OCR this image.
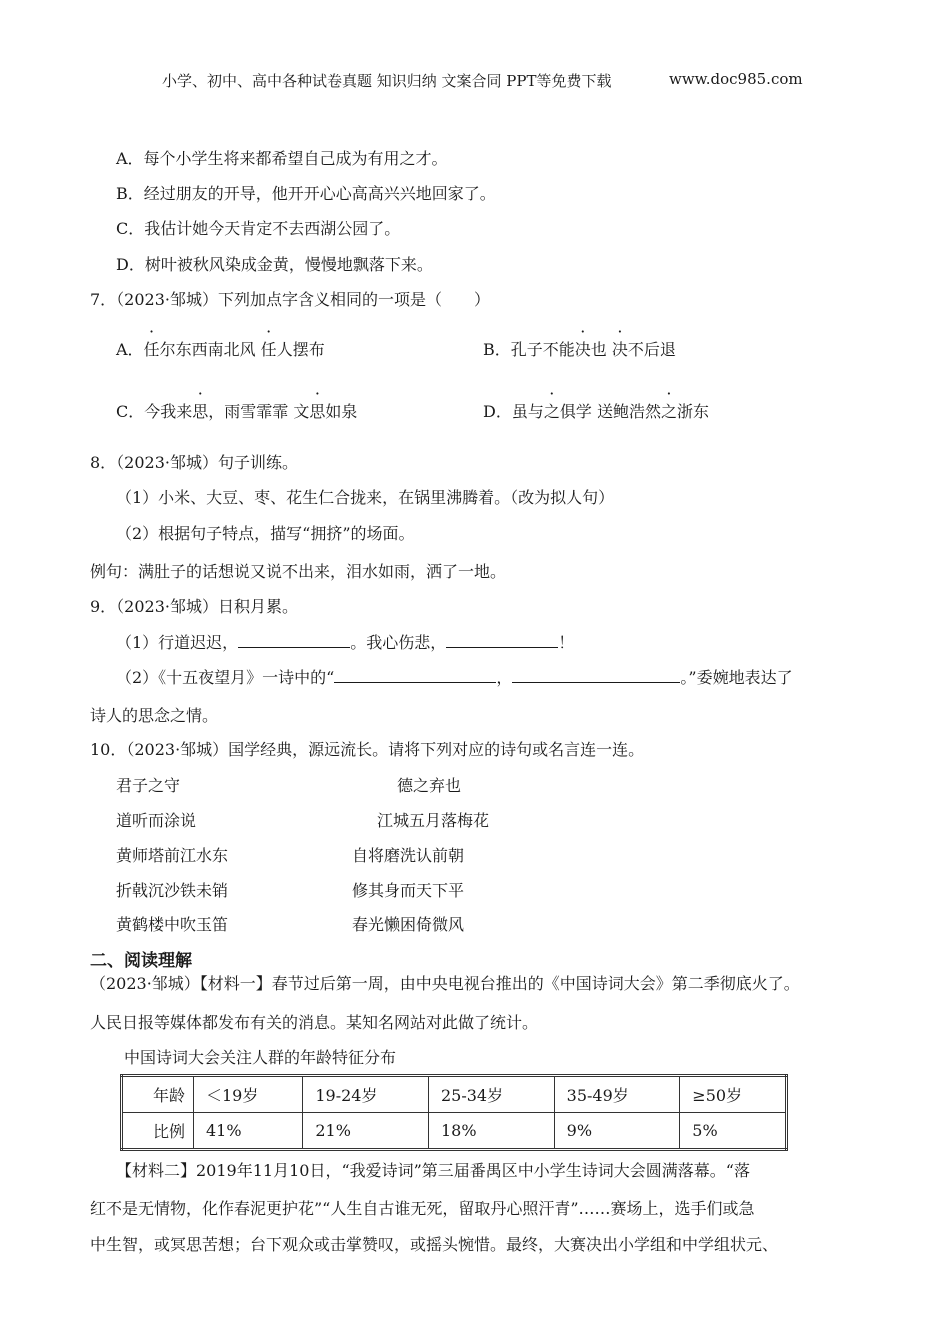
小学、初中、高中各种试卷真题 知识归纳 文案合同 PPT等免费下载	www.doc985.com
A．每个小学生将来都希望自己成为有用之才。
B．经过朋友的开导，他开开心心高高兴兴地回家了。
C．我估计她今天肯定不去西湖公园了。
D．树叶被秋风染成金黄，慢慢地飘落下来。
7．（2023·邹城）下列加点字含义相同的一项是（　　）
A．任尔东西南北风 任人摆布	B．孔子不能决也 决不后退
C．今我来思，雨雪霏霏 文思如泉	D．虽与之俱学 送鲍浩然之浙东
8．（2023·邹城）句子训练。
（1）小米、大豆、枣、花生仁合拢来，在锅里沸腾着。（改为拟人句）
（2）根据句子特点，描写“拥挤”的场面。
例句：满肚子的话想说又说不出来，泪水如雨，洒了一地。
9．（2023·邹城）日积月累。
（1）行道迟迟，	。我心伤悲，	！
（2）《十五夜望月》一诗中的“	，	。”委婉地表达了
诗人的思念之情。
10．（2023·邹城）国学经典，源远流长。请将下列对应的诗句或名言连一连。
君子之守
道听而涂说
黄师塔前江水东
折戟沉沙铁未销
黄鹤楼中吹玉笛
德之弃也
江城五月落梅花
自将磨洗认前朝
修其身而天下平
春光懒困倚微风
二、阅读理解
（2023·邹城）【材料一】春节过后第一周，由中央电视台推出的《中国诗词大会》第二季彻底火了。
人民日报等媒体都发布有关的消息。某知名网站对此做了统计。
中国诗词大会关注人群的年龄特征分布
年龄	＜19岁	19-24岁	25-34岁	35-49岁	≥50岁
比例	41%	21%	18%	9%	5%
【材料二】2019年11月10日，“我爱诗词”第三届番禺区中小学生诗词大会圆满落幕。“落
红不是无情物，化作春泥更护花”“人生自古谁无死，留取丹心照汗青”……赛场上，选手们或急
中生智，或冥思苦想；台下观众或击掌赞叹，或摇头惋惜。最终，大赛决出小学组和中学组状元、
